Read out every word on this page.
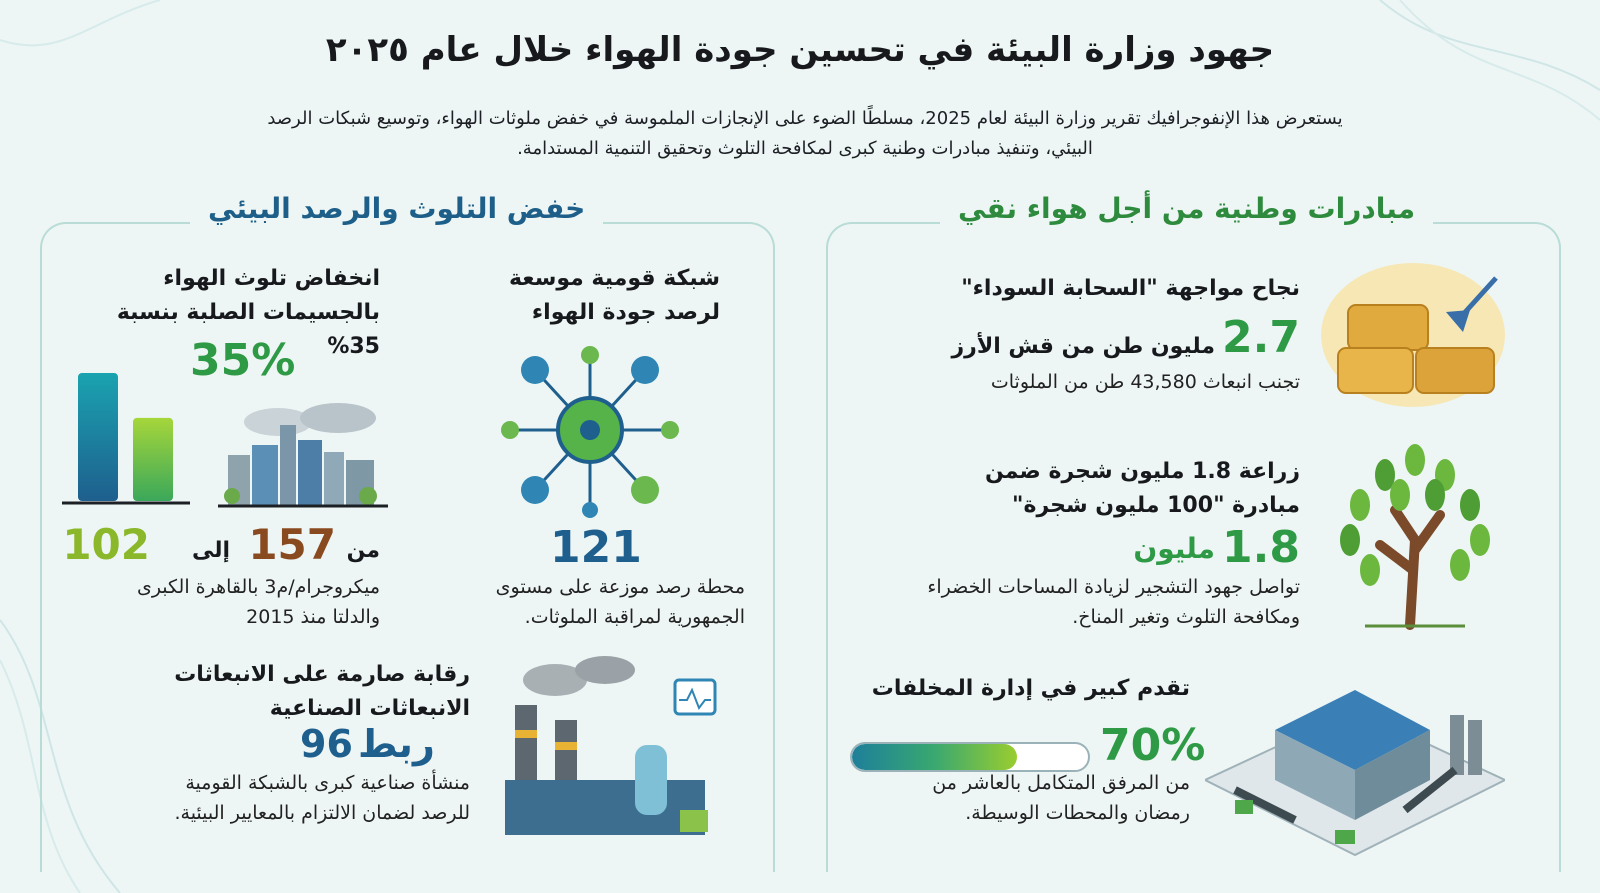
جهود وزارة البيئة في تحسين جودة الهواء خلال عام ٢٠٢٥
يستعرض هذا الإنفوجرافيك تقرير وزارة البيئة لعام 2025، مسلطًا الضوء على الإنجازات الملموسة في خفض ملوثات الهواء، وتوسيع شبكات الرصد
البيئي، وتنفيذ مبادرات وطنية كبرى لمكافحة التلوث وتحقيق التنمية المستدامة.
خفض التلوث والرصد البيئي	مبادرات وطنية من أجل هواء نقي
انخفاض تلوث الهواء
بالجسيمات الصلبة بنسبة 35%
35%
من
157
إلى
102
ميكروجرام/م3 بالقاهرة الكبرى
والدلتا منذ 2015
شبكة قومية موسعة
لرصد جودة الهواء
121
محطة رصد موزعة على مستوى
الجمهورية لمراقبة الملوثات.
رقابة صارمة على الانبعاثات
الانبعاثات الصناعية
ربط 96
منشأة صناعية كبرى بالشبكة القومية
للرصد لضمان الالتزام بالمعايير البيئية.
نجاح مواجهة "السحابة السوداء"
2.7
مليون طن من قش الأرز
تجنب انبعاث 43,580 طن من الملوثات
زراعة 1.8 مليون شجرة ضمن
مبادرة "100 مليون شجرة"
1.8
مليون
تواصل جهود التشجير لزيادة المساحات الخضراء
ومكافحة التلوث وتغير المناخ.
تقدم كبير في إدارة المخلفات
70%
من المرفق المتكامل بالعاشر من
رمضان والمحطات الوسيطة.
